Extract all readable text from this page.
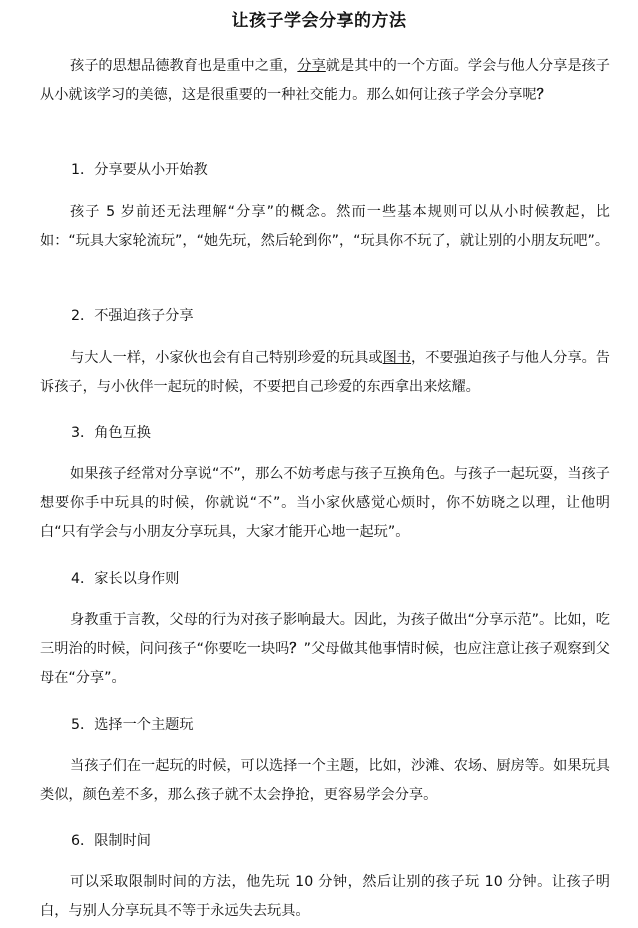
让孩子学会分享的方法

孩子的思想品德教育也是重中之重，分享就是其中的一个方面。学会与他人分享是孩子从小就该学习的美德，这是很重要的一种社交能力。那么如何让孩子学会分享呢？

1．分享要从小开始教

孩子 5 岁前还无法理解“分享”的概念。然而一些基本规则可以从小时候教起，比如：“玩具大家轮流玩”，“她先玩，然后轮到你”，“玩具你不玩了，就让别的小朋友玩吧”。

2．不强迫孩子分享

与大人一样，小家伙也会有自己特别珍爱的玩具或图书，不要强迫孩子与他人分享。告诉孩子，与小伙伴一起玩的时候，不要把自己珍爱的东西拿出来炫耀。

3．角色互换

如果孩子经常对分享说“不”，那么不妨考虑与孩子互换角色。与孩子一起玩耍，当孩子想要你手中玩具的时候，你就说“不”。当小家伙感觉心烦时，你不妨晓之以理，让他明白“只有学会与小朋友分享玩具，大家才能开心地一起玩”。

4．家长以身作则

身教重于言教，父母的行为对孩子影响最大。因此，为孩子做出“分享示范”。比如，吃三明治的时候，问问孩子“你要吃一块吗？”父母做其他事情时候，也应注意让孩子观察到父母在“分享”。

5．选择一个主题玩

当孩子们在一起玩的时候，可以选择一个主题，比如，沙滩、农场、厨房等。如果玩具类似，颜色差不多，那么孩子就不太会挣抢，更容易学会分享。

6．限制时间

可以采取限制时间的方法，他先玩 10 分钟，然后让别的孩子玩 10 分钟。让孩子明白，与别人分享玩具不等于永远失去玩具。
